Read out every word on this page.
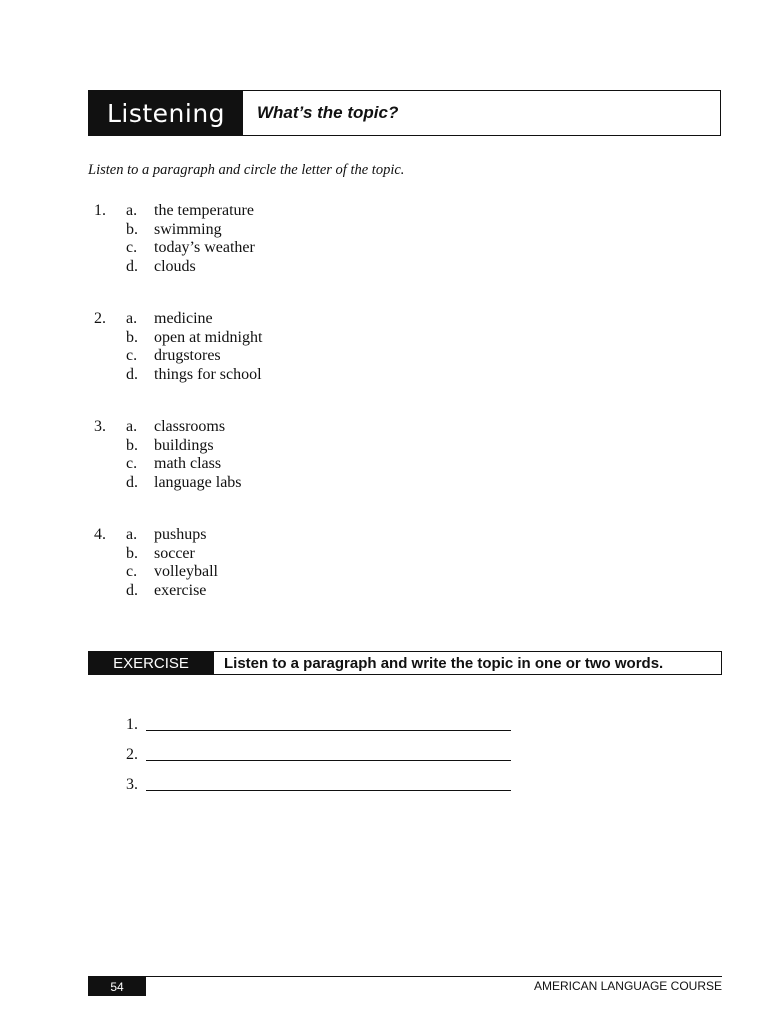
Listening	What’s the topic?
Listen to a paragraph and circle the letter of the topic.
1.	a.	the temperature
b.	swimming
c.	today’s weather
d.	clouds
2.	a.	medicine
b.	open at midnight
c.	drugstores
d.	things for school
3.	a.	classrooms
b.	buildings
c.	math class
d.	language labs
4.	a.	pushups
b.	soccer
c.	volleyball
d.	exercise
EXERCISE	Listen to a paragraph and write the topic in one or two words.
1.
2.
3.
54	AMERICAN LANGUAGE COURSE
